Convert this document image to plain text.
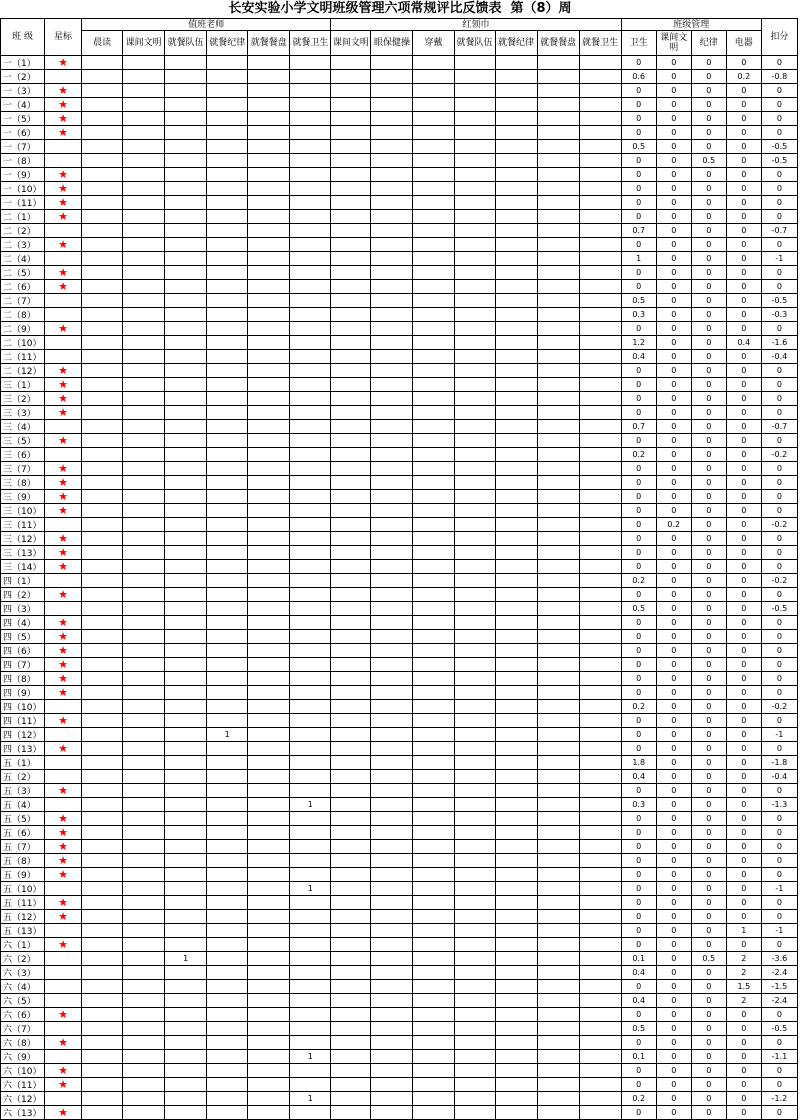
长安实验小学文明班级管理六项常规评比反馈表  第（8）周
班 级	星标	值班老师						红领巾							班级管理				扣分
		晨读	课间文明	就餐队伍	就餐纪律	就餐餐盘	就餐卫生	课间文明	眼保健操	穿戴	就餐队伍	就餐纪律	就餐餐盘	就餐卫生	卫生	课间文明	纪律	电器	
一（1）	★														0	0	0	0	0
一（2）															0.6	0	0	0.2	-0.8
一（3）	★														0	0	0	0	0
一（4）	★														0	0	0	0	0
一（5）	★														0	0	0	0	0
一（6）	★														0	0	0	0	0
一（7）															0.5	0	0	0	-0.5
一（8）															0	0	0.5	0	-0.5
一（9）	★														0	0	0	0	0
一（10）	★														0	0	0	0	0
一（11）	★														0	0	0	0	0
二（1）	★														0	0	0	0	0
二（2）															0.7	0	0	0	-0.7
二（3）	★														0	0	0	0	0
二（4）															1	0	0	0	-1
二（5）	★														0	0	0	0	0
二（6）	★														0	0	0	0	0
二（7）															0.5	0	0	0	-0.5
二（8）															0.3	0	0	0	-0.3
二（9）	★														0	0	0	0	0
二（10）															1.2	0	0	0.4	-1.6
二（11）															0.4	0	0	0	-0.4
二（12）	★														0	0	0	0	0
三（1）	★														0	0	0	0	0
三（2）	★														0	0	0	0	0
三（3）	★														0	0	0	0	0
三（4）															0.7	0	0	0	-0.7
三（5）	★														0	0	0	0	0
三（6）															0.2	0	0	0	-0.2
三（7）	★														0	0	0	0	0
三（8）	★														0	0	0	0	0
三（9）	★														0	0	0	0	0
三（10）	★														0	0	0	0	0
三（11）															0	0.2	0	0	-0.2
三（12）	★														0	0	0	0	0
三（13）	★														0	0	0	0	0
三（14）	★														0	0	0	0	0
四（1）															0.2	0	0	0	-0.2
四（2）	★														0	0	0	0	0
四（3）															0.5	0	0	0	-0.5
四（4）	★														0	0	0	0	0
四（5）	★														0	0	0	0	0
四（6）	★														0	0	0	0	0
四（7）	★														0	0	0	0	0
四（8）	★														0	0	0	0	0
四（9）	★														0	0	0	0	0
四（10）															0.2	0	0	0	-0.2
四（11）	★														0	0	0	0	0
四（12）					1										0	0	0	0	-1
四（13）	★														0	0	0	0	0
五（1）															1.8	0	0	0	-1.8
五（2）															0.4	0	0	0	-0.4
五（3）	★														0	0	0	0	0
五（4）							1								0.3	0	0	0	-1.3
五（5）	★														0	0	0	0	0
五（6）	★														0	0	0	0	0
五（7）	★														0	0	0	0	0
五（8）	★														0	0	0	0	0
五（9）	★														0	0	0	0	0
五（10）							1								0	0	0	0	-1
五（11）	★														0	0	0	0	0
五（12）	★														0	0	0	0	0
五（13）															0	0	0	1	-1
六（1）	★														0	0	0	0	0
六（2）				1											0.1	0	0.5	2	-3.6
六（3）															0.4	0	0	2	-2.4
六（4）															0	0	0	1.5	-1.5
六（5）															0.4	0	0	2	-2.4
六（6）	★														0	0	0	0	0
六（7）															0.5	0	0	0	-0.5
六（8）	★														0	0	0	0	0
六（9）							1								0.1	0	0	0	-1.1
六（10）	★														0	0	0	0	0
六（11）	★														0	0	0	0	0
六（12）							1								0.2	0	0	0	-1.2
六（13）	★														0	0	0	0	0
